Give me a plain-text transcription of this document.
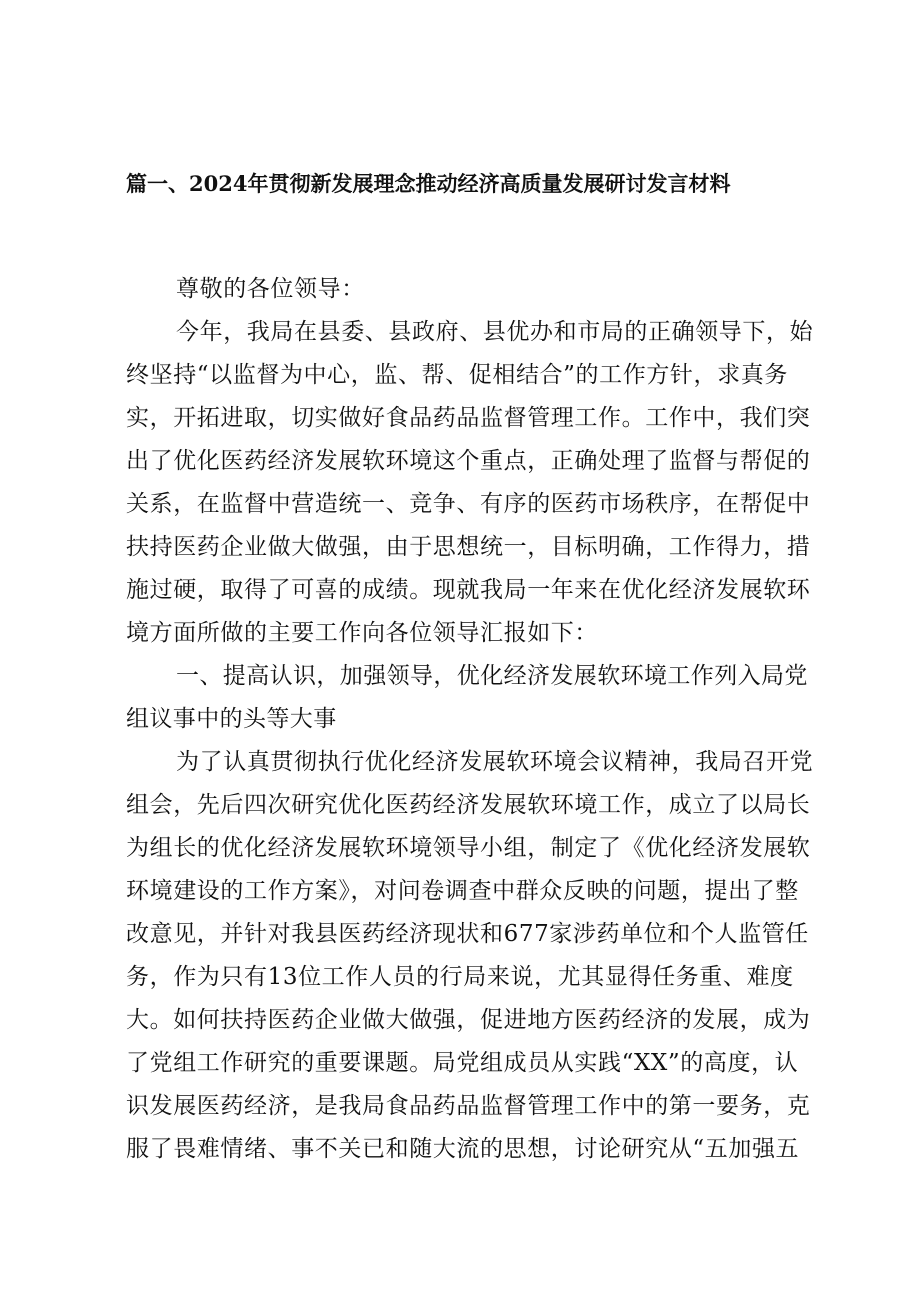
篇一、2024年贯彻新发展理念推动经济高质量发展研讨发言材料
尊敬的各位领导：
今年，我局在县委、县政府、县优办和市局的正确领导下，始
终坚持“以监督为中心，监、帮、促相结合”的工作方针，求真务
实，开拓进取，切实做好食品药品监督管理工作。工作中，我们突
出了优化医药经济发展软环境这个重点，正确处理了监督与帮促的
关系，在监督中营造统一、竞争、有序的医药市场秩序，在帮促中
扶持医药企业做大做强，由于思想统一，目标明确，工作得力，措
施过硬，取得了可喜的成绩。现就我局一年来在优化经济发展软环
境方面所做的主要工作向各位领导汇报如下：
一、提高认识，加强领导，优化经济发展软环境工作列入局党
组议事中的头等大事
为了认真贯彻执行优化经济发展软环境会议精神，我局召开党
组会，先后四次研究优化医药经济发展软环境工作，成立了以局长
为组长的优化经济发展软环境领导小组，制定了《优化经济发展软
环境建设的工作方案》，对问卷调查中群众反映的问题，提出了整
改意见，并针对我县医药经济现状和677家涉药单位和个人监管任
务，作为只有13位工作人员的行局来说，尤其显得任务重、难度
大。如何扶持医药企业做大做强，促进地方医药经济的发展，成为
了党组工作研究的重要课题。局党组成员从实践“XX”的高度，认
识发展医药经济，是我局食品药品监督管理工作中的第一要务，克
服了畏难情绪、事不关已和随大流的思想，讨论研究从“五加强五
